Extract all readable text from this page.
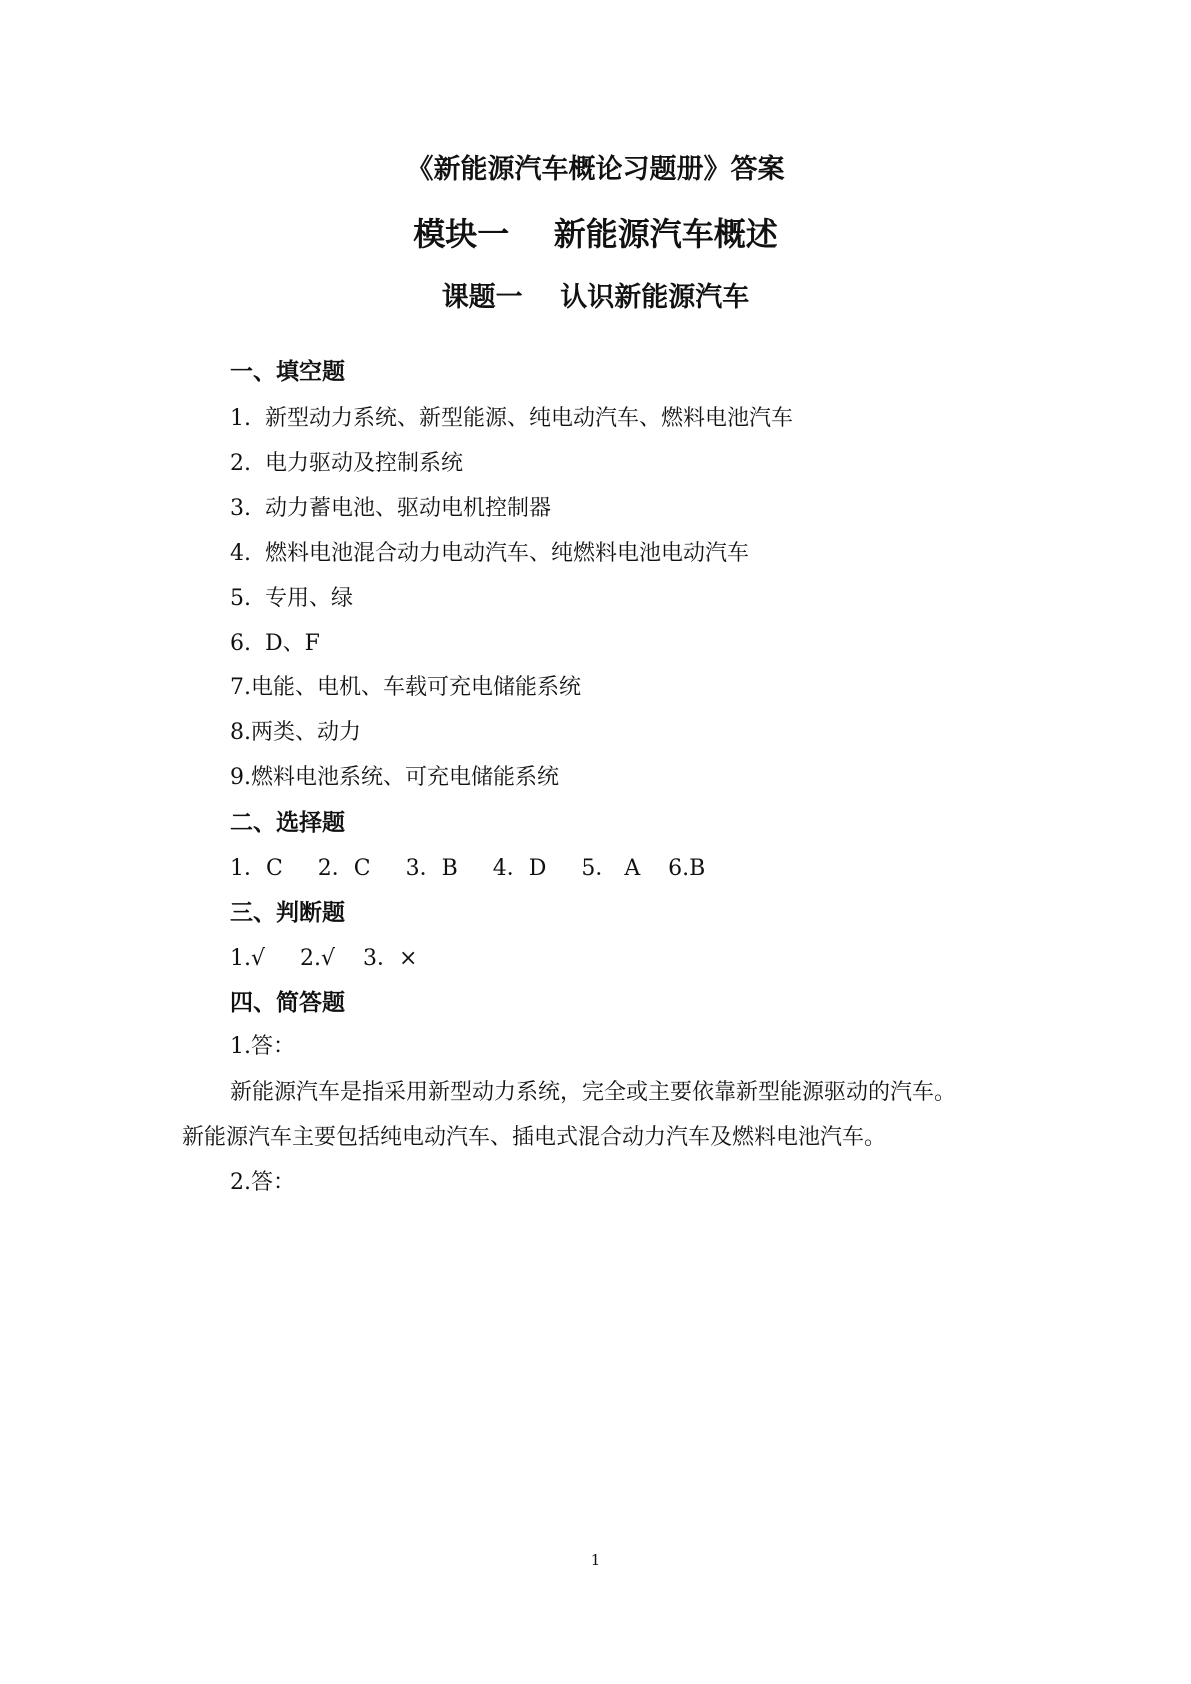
《新能源汽车概论习题册》答案
模块一    新能源汽车概述
课题一    认识新能源汽车
一、填空题
1.  新型动力系统、新型能源、纯电动汽车、燃料电池汽车
2.  电力驱动及控制系统
3.  动力蓄电池、驱动电机控制器
4.  燃料电池混合动力电动汽车、纯燃料电池电动汽车
5.  专用、绿
6.  D、F
7.电能、电机、车载可充电储能系统
8.两类、动力
9.燃料电池系统、可充电储能系统
二、选择题
1．C     2．C     3．B     4．D     5． A    6.B
三、判断题
1.√     2.√    3．×
四、简答题
1.答：
新能源汽车是指采用新型动力系统，完全或主要依靠新型能源驱动的汽车。
新能源汽车主要包括纯电动汽车、插电式混合动力汽车及燃料电池汽车。
2.答：
1
